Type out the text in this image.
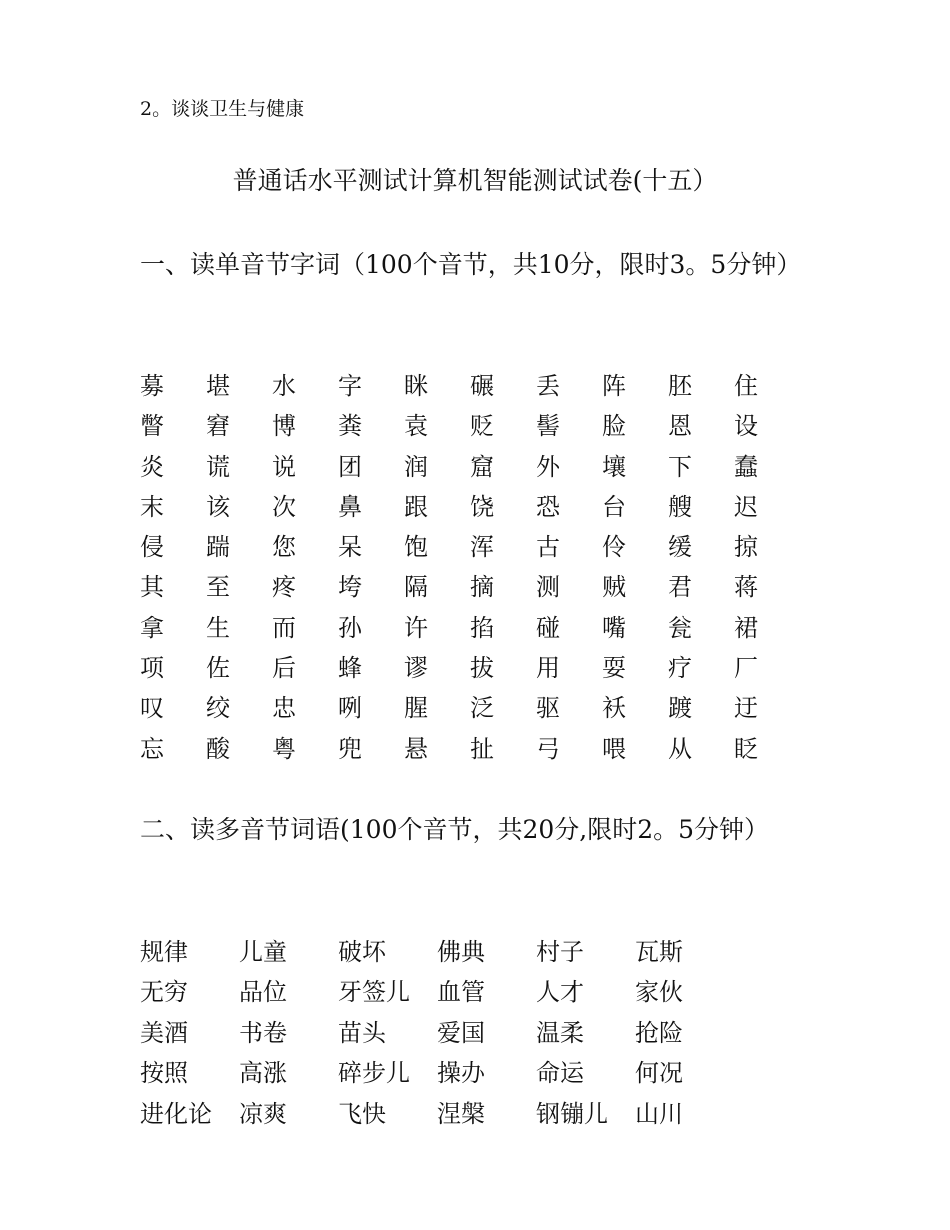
2。谈谈卫生与健康
普通话水平测试计算机智能测试试卷(十五）
一、读单音节字词（100个音节，共10分，限时3。5分钟）
募	堪	水	字	眯	碾	丢	阵	胚	住
瞥	窘	博	粪	袁	贬	髻	脸	恩	设
炎	谎	说	团	润	窟	外	壤	下	蠢
末	该	次	鼻	跟	饶	恐	台	艘	迟
侵	踹	您	呆	饱	浑	古	伶	缓	掠
其	至	疼	垮	隔	摘	测	贼	君	蒋
拿	生	而	孙	许	掐	碰	嘴	瓮	裙
项	佐	后	蜂	谬	拔	用	耍	疗	厂
叹	绞	忠	咧	腥	泛	驱	袄	踱	迂
忘	酸	粤	兜	悬	扯	弓	喂	从	眨
二、读多音节词语(100个音节，共20分,限时2。5分钟）
规律	儿童	破坏	佛典	村子	瓦斯
无穷	品位	牙签儿	血管	人才	家伙
美酒	书卷	苗头	爱国	温柔	抢险
按照	高涨	碎步儿	操办	命运	何况
进化论	凉爽	飞快	涅槃	钢镚儿	山川
